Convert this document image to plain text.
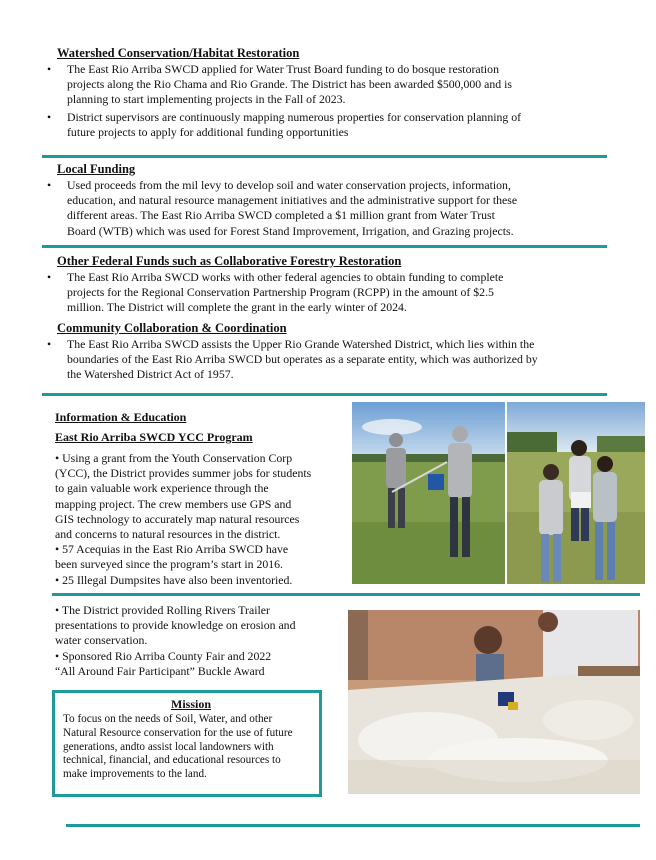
Watershed Conservation/Habitat Restoration
• The East Rio Arriba SWCD applied for Water Trust Board funding to do bosque restoration
projects along the Rio Chama and Rio Grande. The District has been awarded $500,000 and is
planning to start implementing projects in the Fall of 2023.
• District supervisors are continuously mapping numerous properties for conservation planning of
future projects to apply for additional funding opportunities
Local Funding
• Used proceeds from the mil levy to develop soil and water conservation projects, information,
education, and natural resource management initiatives and the administrative support for these
different areas. The East Rio Arriba SWCD completed a $1 million grant from Water Trust
Board (WTB) which was used for Forest Stand Improvement, Irrigation, and Grazing projects.
Other Federal Funds such as Collaborative Forestry Restoration
• The East Rio Arriba SWCD works with other federal agencies to obtain funding to complete
projects for the Regional Conservation Partnership Program (RCPP) in the amount of $2.5
million. The District will complete the grant in the early winter of 2024.
Community Collaboration & Coordination
• The East Rio Arriba SWCD assists the Upper Rio Grande Watershed District, which lies within the
boundaries of the East Rio Arriba SWCD but operates as a separate entity, which was authorized by
the Watershed District Act of 1957.
Information & Education
East Rio Arriba SWCD YCC Program
• Using a grant from the Youth Conservation Corp
(YCC), the District provides summer jobs for students
to gain valuable work experience through the
mapping project. The crew members use GPS and
GIS technology to accurately map natural resources
and concerns to natural resources in the district.
• 57 Acequias in the East Rio Arriba SWCD have
been surveyed since the program’s start in 2016.
• 25 Illegal Dumpsites have also been inventoried.
• The District provided Rolling Rivers Trailer
presentations to provide knowledge on erosion and
water conservation.
• Sponsored Rio Arriba County Fair and 2022
“All Around Fair Participant” Buckle Award
Mission
To focus on the needs of Soil, Water, and other
Natural Resource conservation for the use of future
generations, andto assist local landowners with
technical, financial, and educational resources to
make improvements to the land.
